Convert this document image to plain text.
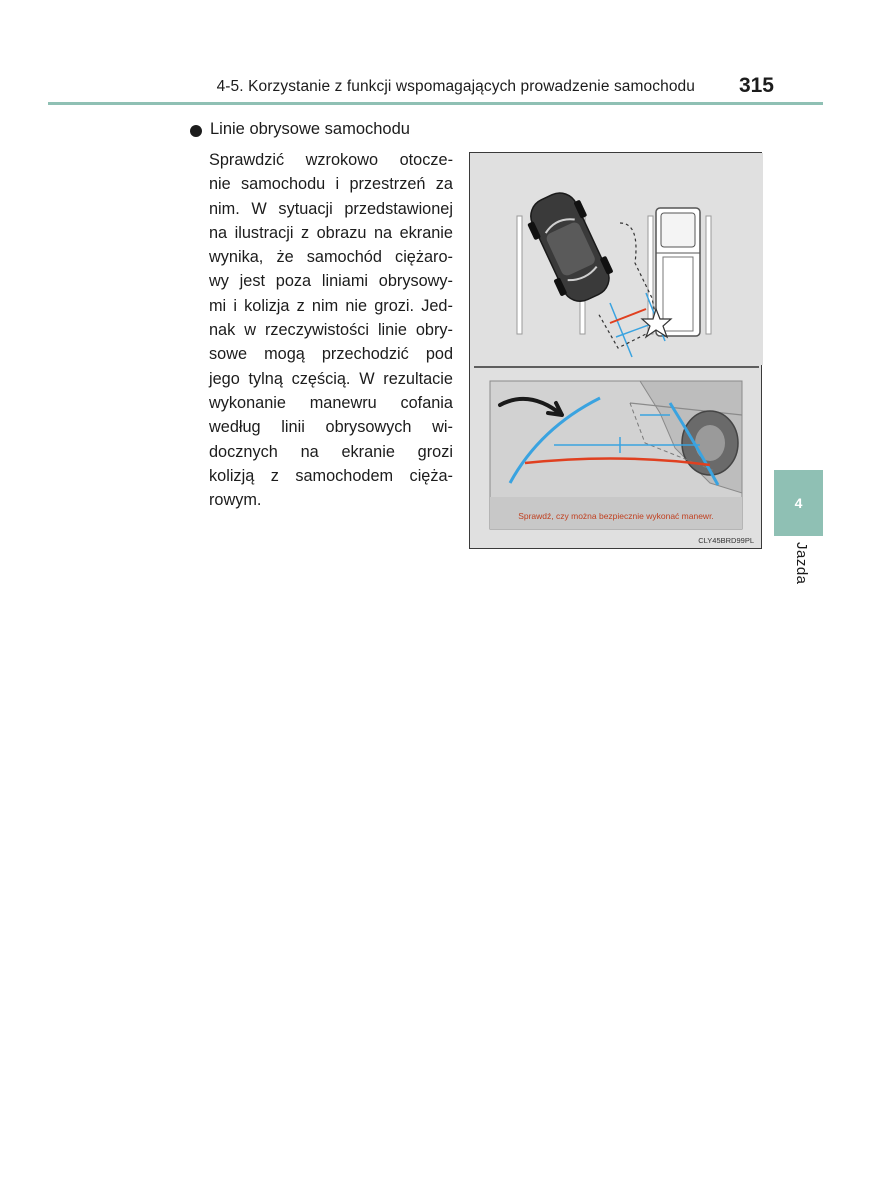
4-5. Korzystanie z funkcji wspomagających prowadzenie samochodu	315
Linie obrysowe samochodu
Sprawdzić wzrokowo otocze-
nie samochodu i przestrzeń za
nim. W sytuacji przedstawionej
na ilustracji z obrazu na ekranie
wynika, że samochód ciężaro-
wy jest poza liniami obrysowy-
mi i kolizja z nim nie grozi. Jed-
nak w rzeczywistości linie obry-
sowe mogą przechodzić pod
jego tylną częścią. W rezultacie
wykonanie manewru cofania
według linii obrysowych wi-
docznych na ekranie grozi
kolizją z samochodem cięża-
rowym.
Sprawdź, czy można bezpiecznie wykonać manewr.
CLY45BRD99PL
4
Jazda
